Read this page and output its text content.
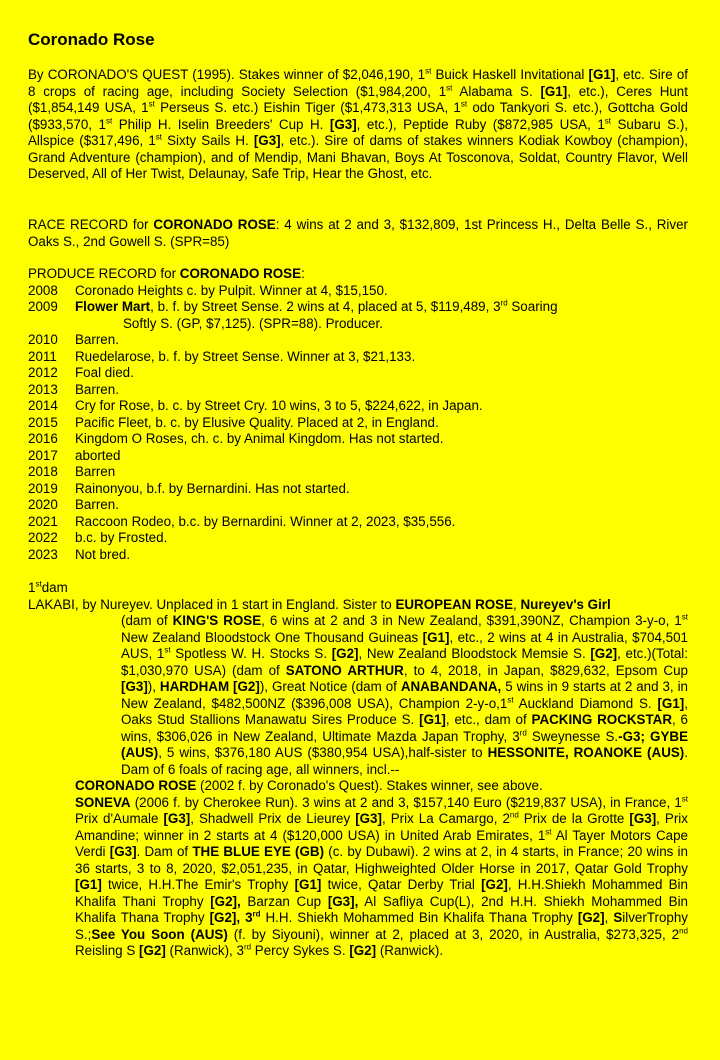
Coronado Rose
By CORONADO'S QUEST (1995). Stakes winner of $2,046,190, 1st Buick Haskell Invitational [G1], etc. Sire of 8 crops of racing age, including Society Selection ($1,984,200, 1st Alabama S. [G1], etc.), Ceres Hunt ($1,854,149 USA, 1st Perseus S. etc.) Eishin Tiger ($1,473,313 USA, 1st odo Tankyori S. etc.), Gottcha Gold ($933,570, 1st Philip H. Iselin Breeders' Cup H. [G3], etc.), Peptide Ruby ($872,985 USA, 1st Subaru S.), Allspice ($317,496, 1st Sixty Sails H. [G3], etc.). Sire of dams of stakes winners Kodiak Kowboy (champion), Grand Adventure (champion), and of Mendip, Mani Bhavan, Boys At Tosconova, Soldat, Country Flavor, Well Deserved, All of Her Twist, Delaunay, Safe Trip, Hear the Ghost, etc.
RACE RECORD for CORONADO ROSE: 4 wins at 2 and 3, $132,809, 1st Princess H., Delta Belle S., River Oaks S., 2nd Gowell S. (SPR=85)
PRODUCE RECORD for CORONADO ROSE:
2008 Coronado Heights c. by Pulpit. Winner at 4, $15,150.
2009 Flower Mart, b. f. by Street Sense. 2 wins at 4, placed at 5, $119,489, 3rd Soaring
Softly S. (GP, $7,125). (SPR=88). Producer.
2010 Barren.
2011 Ruedelarose, b. f. by Street Sense. Winner at 3, $21,133.
2012 Foal died.
2013 Barren.
2014 Cry for Rose, b. c. by Street Cry. 10 wins, 3 to 5, $224,622, in Japan.
2015 Pacific Fleet, b. c. by Elusive Quality. Placed at 2, in England.
2016 Kingdom O Roses, ch. c. by Animal Kingdom. Has not started.
2017 aborted
2018 Barren
2019 Rainonyou, b.f. by Bernardini. Has not started.
2020 Barren.
2021 Raccoon Rodeo, b.c. by Bernardini. Winner at 2, 2023, $35,556.
2022 b.c. by Frosted.
2023 Not bred.
1stdam
LAKABI, by Nureyev. Unplaced in 1 start in England. Sister to EUROPEAN ROSE, Nureyev's Girl
(dam of KING'S ROSE, 6 wins at 2 and 3 in New Zealand, $391,390NZ, Champion 3-y-o, 1st New Zealand Bloodstock One Thousand Guineas [G1], etc., 2 wins at 4 in Australia, $704,501 AUS, 1st Spotless W. H. Stocks S. [G2], New Zealand Bloodstock Memsie S. [G2], etc.)(Total: $1,030,970 USA) (dam of SATONO ARTHUR, to 4, 2018, in Japan, $829,632, Epsom Cup [G3]), HARDHAM [G2]), Great Notice (dam of ANABANDANA, 5 wins in 9 starts at 2 and 3, in New Zealand, $482,500NZ ($396,008 USA), Champion 2-y-o,1st Auckland Diamond S. [G1], Oaks Stud Stallions Manawatu Sires Produce S. [G1], etc., dam of PACKING ROCKSTAR, 6 wins, $306,026 in New Zealand, Ultimate Mazda Japan Trophy, 3rd Sweynesse S.-G3; GYBE (AUS), 5 wins, $376,180 AUS ($380,954 USA),half-sister to HESSONITE, ROANOKE (AUS). Dam of 6 foals of racing age, all winners, incl.--
CORONADO ROSE (2002 f. by Coronado's Quest). Stakes winner, see above.
SONEVA (2006 f. by Cherokee Run). 3 wins at 2 and 3, $157,140 Euro ($219,837 USA), in France, 1st Prix d'Aumale [G3], Shadwell Prix de Lieurey [G3], Prix La Camargo, 2nd Prix de la Grotte [G3], Prix Amandine; winner in 2 starts at 4 ($120,000 USA) in United Arab Emirates, 1st Al Tayer Motors Cape Verdi [G3]. Dam of THE BLUE EYE (GB) (c. by Dubawi). 2 wins at 2, in 4 starts, in France; 20 wins in 36 starts, 3 to 8, 2020, $2,051,235, in Qatar, Highweighted Older Horse in 2017, Qatar Gold Trophy [G1] twice, H.H.The Emir's Trophy [G1] twice, Qatar Derby Trial [G2], H.H.Shiekh Mohammed Bin Khalifa Thani Trophy [G2], Barzan Cup [G3], Al Safliya Cup(L), 2nd H.H. Shiekh Mohammed Bin Khalifa Thana Trophy [G2], 3rd H.H. Shiekh Mohammed Bin Khalifa Thana Trophy [G2], SilverTrophy S.;See You Soon (AUS) (f. by Siyouni), winner at 2, placed at 3, 2020, in Australia, $273,325, 2nd Reisling S [G2] (Ranwick), 3rd Percy Sykes S. [G2] (Ranwick).
